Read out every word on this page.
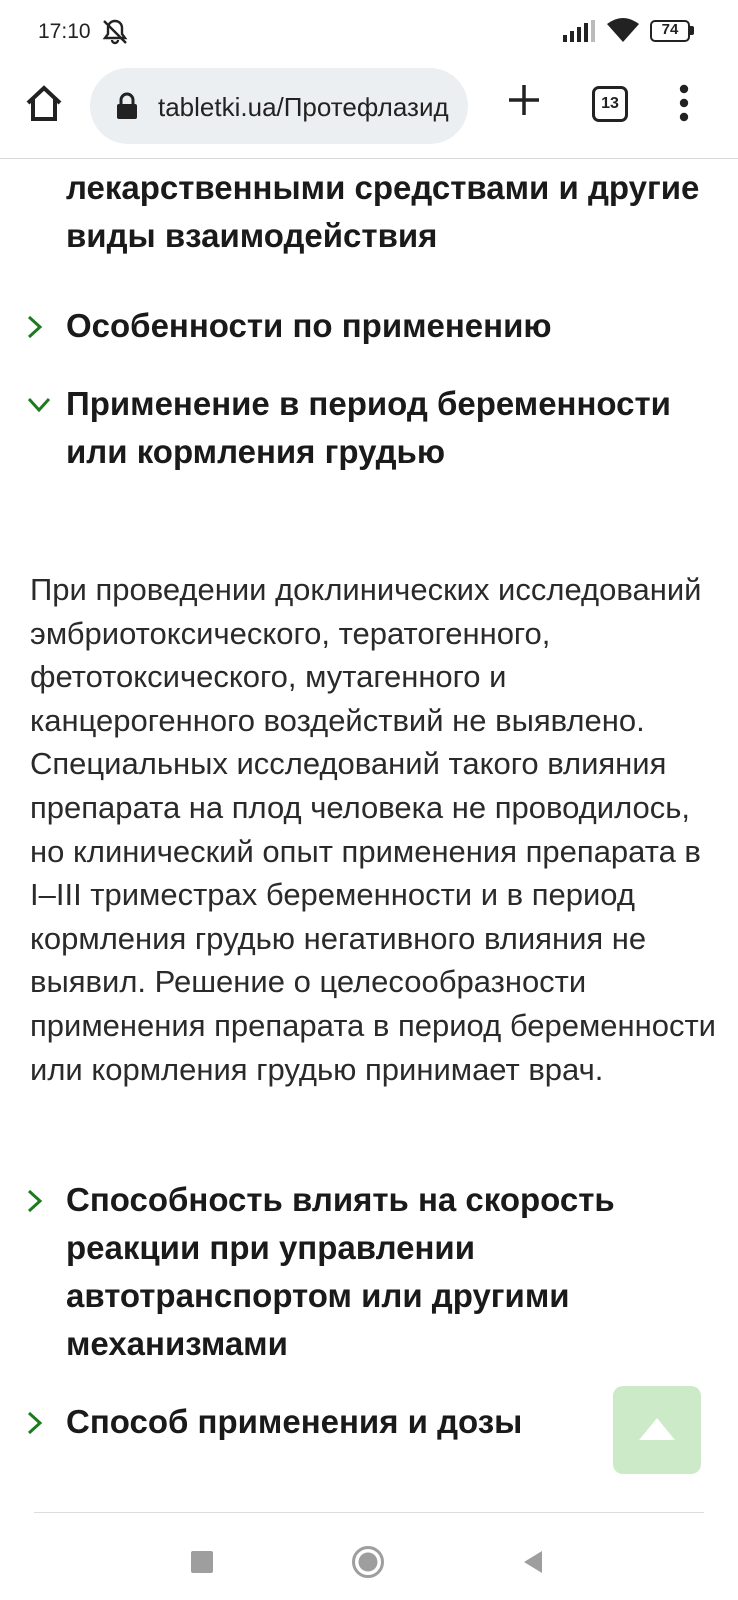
17:10	74
tabletki.ua/Протефлазид	13
лекарственными средствами и другие виды взаимодействия
Особенности по применению
Применение в период беременности или кормления грудью
При проведении доклинических исследований эмбриотоксического, тератогенного, фетотоксического, мутагенного и канцерогенного воздействий не выявлено. Специальных исследований такого влияния препарата на плод человека не проводилось, но клинический опыт применения препарата в I–III триместрах беременности и в период кормления грудью негативного влияния не выявил. Решение о целесообразности применения препарата в период беременности или кормления грудью принимает врач.
Способность влиять на скорость реакции при управлении автотранспортом или другими механизмами
Способ применения и дозы
